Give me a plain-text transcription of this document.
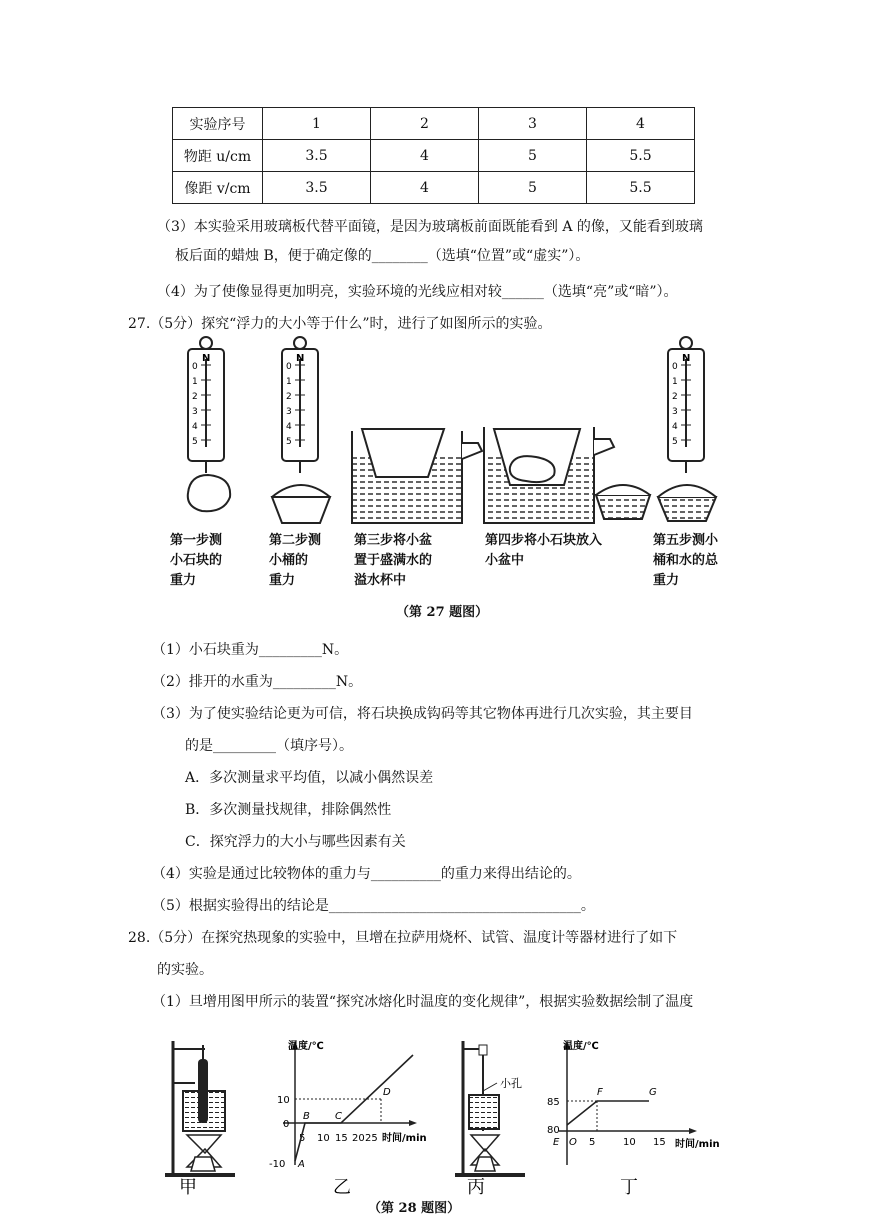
实验序号	1	2	3	4
物距 u/cm	3.5	4	5	5.5
像距 v/cm	3.5	4	5	5.5
（3）本实验采用玻璃板代替平面镜，是因为玻璃板前面既能看到 A 的像，又能看到玻璃
板后面的蜡烛 B，便于确定像的________（选填“位置”或“虚实”）。
（4）为了使像显得更加明亮，实验环境的光线应相对较______（选填“亮”或“暗”）。
27.（5分）探究“浮力的大小等于什么”时，进行了如图所示的实验。
N
0
1
2
3
4
5
N
0
1
2
3
4
5
N
0
1
2
3
4
5
第一步测
小石块的
重力
第二步测
小桶的
重力
第三步将小盆
置于盛满水的
溢水杯中
第四步将小石块放入
小盆中
第五步测小
桶和水的总
重力
（第 27 题图）
（1）小石块重为_________N。
（2）排开的水重为_________N。
（3）为了使实验结论更为可信，将石块换成钩码等其它物体再进行几次实验，其主要目
的是_________（填序号）。
A．多次测量求平均值，以减小偶然误差
B．多次测量找规律，排除偶然性
C．探究浮力的大小与哪些因素有关
（4）实验是通过比较物体的重力与__________的重力来得出结论的。
（5）根据实验得出的结论是____________________________________。
28.（5分）在探究热现象的实验中，旦增在拉萨用烧杯、试管、温度计等器材进行了如下
的实验。
（1）旦增用图甲所示的装置“探究冰熔化时温度的变化规律”，根据实验数据绘制了温度
甲
温度/℃
时间/min
10
0
-10
5 10 15 20 25
A
B	C
D
乙
小孔
丙
温度/℃
时间/min
85
80
5	10 15
O
E
F	G
丁
（第 28 题图）
